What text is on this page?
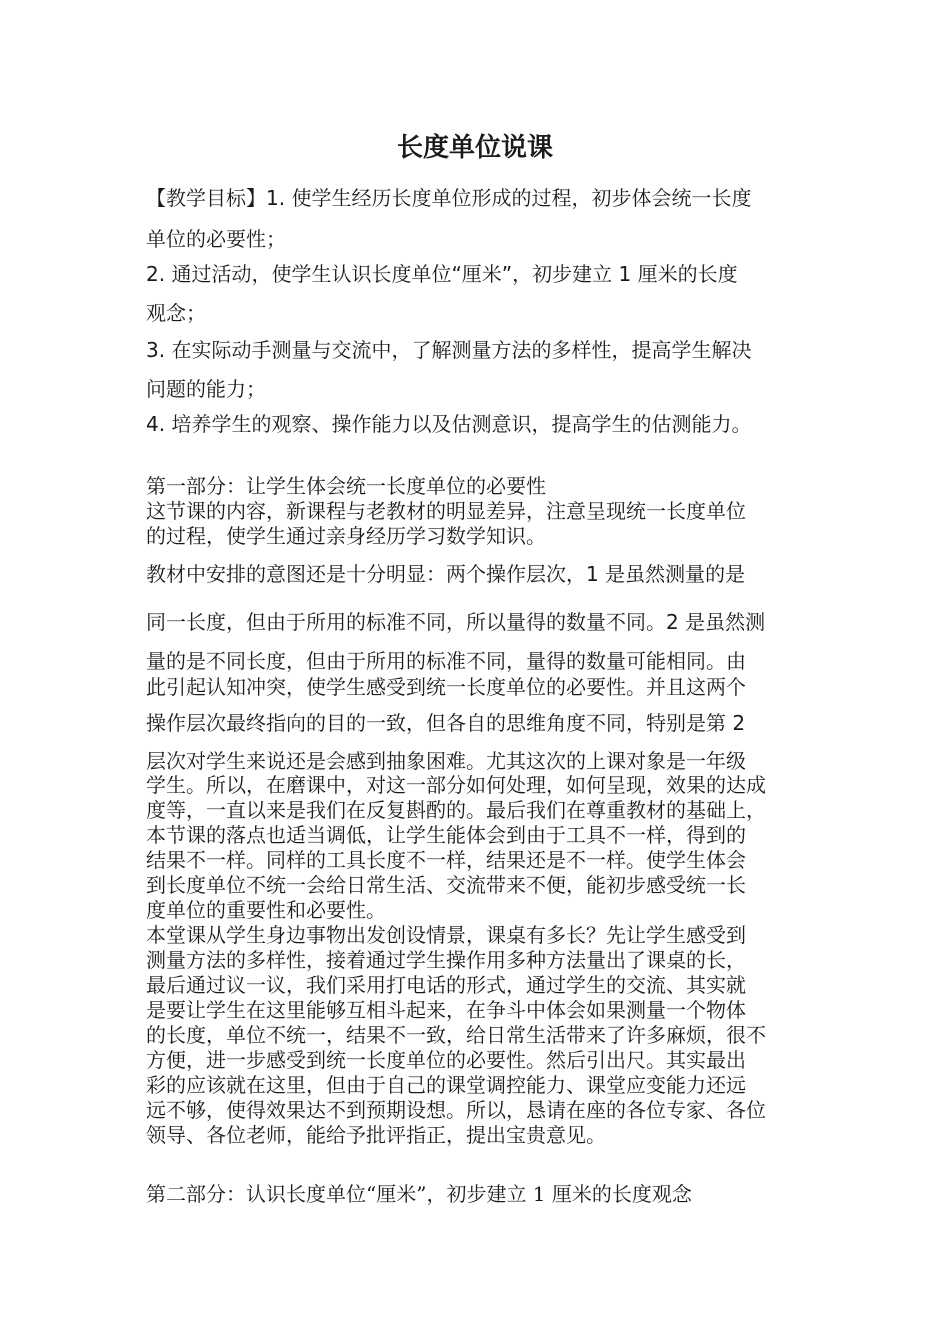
长度单位说课
【教学目标】1. 使学生经历长度单位形成的过程，初步体会统一长度
单位的必要性；
2. 通过活动，使学生认识长度单位“厘米”，初步建立 1 厘米的长度
观念；
3. 在实际动手测量与交流中，了解测量方法的多样性，提高学生解决
问题的能力；
4. 培养学生的观察、操作能力以及估测意识，提高学生的估测能力。
第一部分：让学生体会统一长度单位的必要性
这节课的内容，新课程与老教材的明显差异，注意呈现统一长度单位
的过程，使学生通过亲身经历学习数学知识。
教材中安排的意图还是十分明显：两个操作层次，1 是虽然测量的是
同一长度，但由于所用的标准不同，所以量得的数量不同。2 是虽然测
量的是不同长度，但由于所用的标准不同，量得的数量可能相同。由
此引起认知冲突，使学生感受到统一长度单位的必要性。并且这两个
操作层次最终指向的目的一致，但各自的思维角度不同，特别是第 2
层次对学生来说还是会感到抽象困难。尤其这次的上课对象是一年级
学生。所以，在磨课中，对这一部分如何处理，如何呈现，效果的达成
度等，一直以来是我们在反复斟酌的。最后我们在尊重教材的基础上，
本节课的落点也适当调低，让学生能体会到由于工具不一样，得到的
结果不一样。同样的工具长度不一样，结果还是不一样。使学生体会
到长度单位不统一会给日常生活、交流带来不便，能初步感受统一长
度单位的重要性和必要性。
本堂课从学生身边事物出发创设情景，课桌有多长？先让学生感受到
测量方法的多样性，接着通过学生操作用多种方法量出了课桌的长，
最后通过议一议，我们采用打电话的形式，通过学生的交流、其实就
是要让学生在这里能够互相斗起来，在争斗中体会如果测量一个物体
的长度，单位不统一，结果不一致，给日常生活带来了许多麻烦，很不
方便，进一步感受到统一长度单位的必要性。然后引出尺。其实最出
彩的应该就在这里，但由于自己的课堂调控能力、课堂应变能力还远
远不够，使得效果达不到预期设想。所以，恳请在座的各位专家、各位
领导、各位老师，能给予批评指正，提出宝贵意见。
第二部分：认识长度单位“厘米”，初步建立 1 厘米的长度观念
